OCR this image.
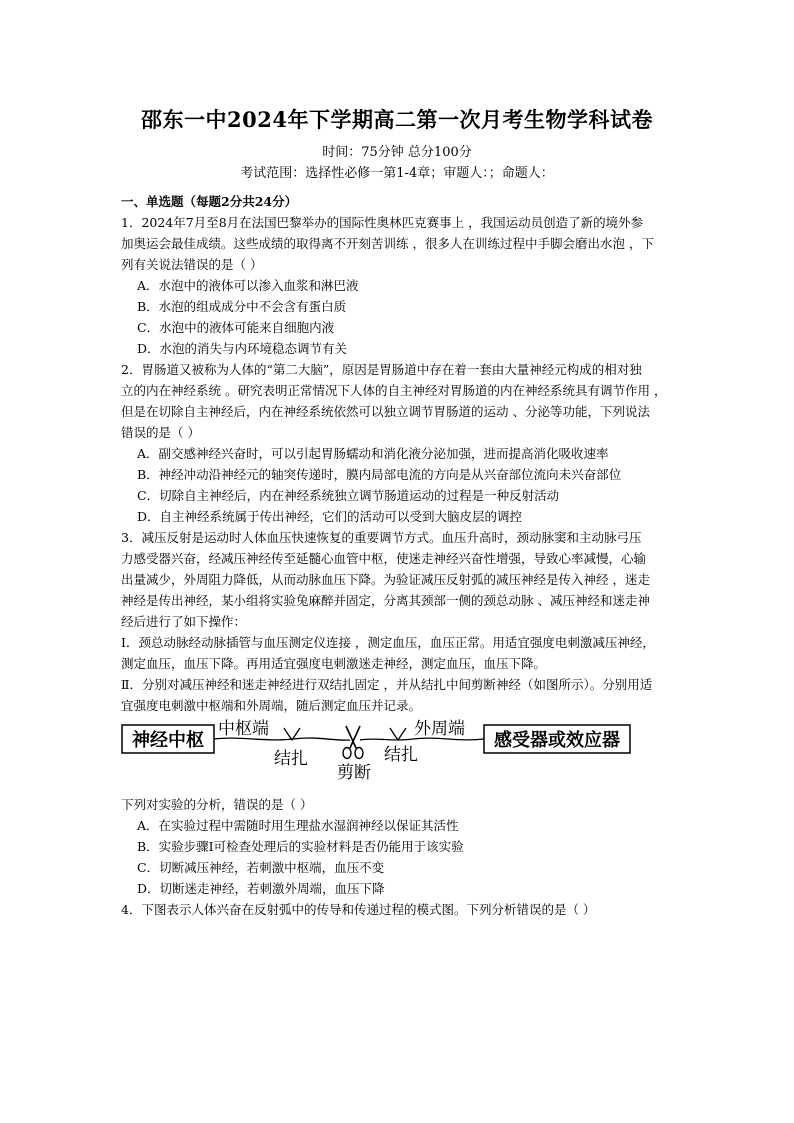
邵东一中2024年下学期高二第一次月考生物学科试卷
时间：75分钟 总分100分
考试范围：选择性必修一第1-4章；审题人：；命题人：
一、单选题（每题2分共24分）
1．2024年7月至8月在法国巴黎举办的国际性奥林匹克赛事上 ，我国运动员创造了新的境外参
加奥运会最佳成绩。这些成绩的取得离不开刻苦训练 ，很多人在训练过程中手脚会磨出水泡 ，下
列有关说法错误的是（ ）
A．水泡中的液体可以渗入血浆和淋巴液
B．水泡的组成成分中不会含有蛋白质
C．水泡中的液体可能来自细胞内液
D．水泡的消失与内环境稳态调节有关
2．胃肠道又被称为人体的“第二大脑”，原因是胃肠道中存在着一套由大量神经元构成的相对独
立的内在神经系统 。研究表明正常情况下人体的自主神经对胃肠道的内在神经系统具有调节作用 ，
但是在切除自主神经后，内在神经系统依然可以独立调节胃肠道的运动 、分泌等功能，下列说法
错误的是（ ）
A．副交感神经兴奋时，可以引起胃肠蠕动和消化液分泌加强，进而提高消化吸收速率
B．神经冲动沿神经元的轴突传递时，膜内局部电流的方向是从兴奋部位流向未兴奋部位
C．切除自主神经后，内在神经系统独立调节肠道运动的过程是一种反射活动
D．自主神经系统属于传出神经，它们的活动可以受到大脑皮层的调控
3．减压反射是运动时人体血压快速恢复的重要调节方式。血压升高时，颈动脉窦和主动脉弓压
力感受器兴奋，经减压神经传至延髓心血管中枢，使迷走神经兴奋性增强，导致心率减慢，心输
出量减少，外周阻力降低，从而动脉血压下降。为验证减压反射弧的减压神经是传入神经 ，迷走
神经是传出神经，某小组将实验兔麻醉并固定，分离其颈部一侧的颈总动脉 、减压神经和迷走神
经后进行了如下操作：
Ⅰ．颈总动脉经动脉插管与血压测定仪连接 ，测定血压，血压正常。用适宜强度电刺激减压神经，
测定血压，血压下降。再用适宜强度电刺激迷走神经，测定血压，血压下降。
Ⅱ．分别对减压神经和迷走神经进行双结扎固定 ，并从结扎中间剪断神经（如图所示）。分别用适
宜强度电刺激中枢端和外周端，随后测定血压并记录。
神经中枢
中枢端
结扎
剪断
结扎
外周端
感受器或效应器
下列对实验的分析，错误的是（ ）
A．在实验过程中需随时用生理盐水湿润神经以保证其活性
B．实验步骤Ⅰ可检查处理后的实验材料是否仍能用于该实验
C．切断减压神经，若刺激中枢端，血压不变
D．切断迷走神经，若刺激外周端，血压下降
4．下图表示人体兴奋在反射弧中的传导和传递过程的模式图。下列分析错误的是（ ）
